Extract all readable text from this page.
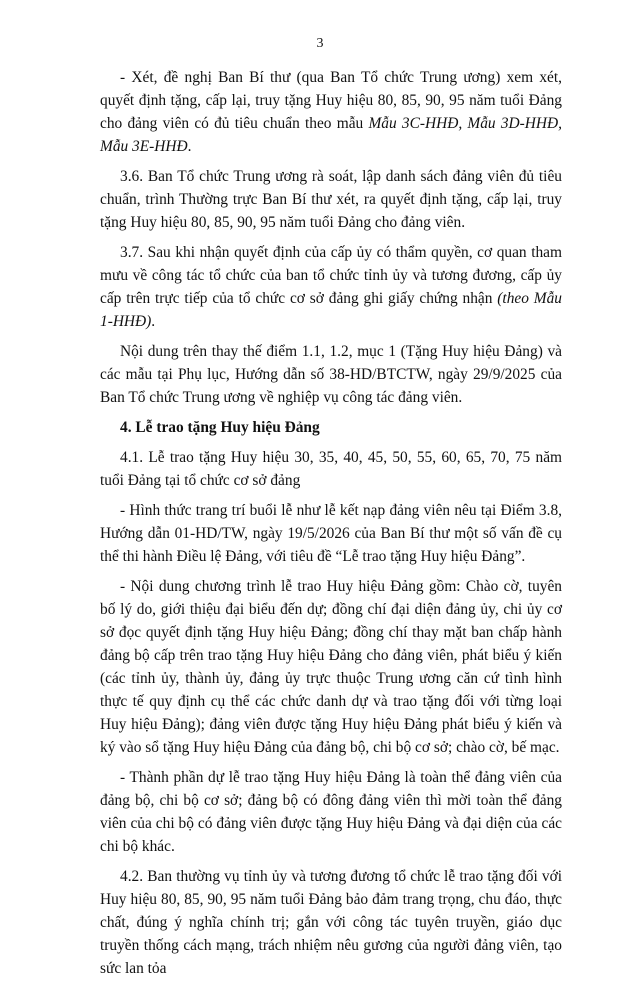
3

- Xét, đề nghị Ban Bí thư (qua Ban Tổ chức Trung ương) xem xét, quyết định tặng, cấp lại, truy tặng Huy hiệu 80, 85, 90, 95 năm tuổi Đảng cho đảng viên có đủ tiêu chuẩn theo mẫu Mẫu 3C-HHĐ, Mẫu 3D-HHĐ, Mẫu 3E-HHĐ.

3.6. Ban Tổ chức Trung ương rà soát, lập danh sách đảng viên đủ tiêu chuẩn, trình Thường trực Ban Bí thư xét, ra quyết định tặng, cấp lại, truy tặng Huy hiệu 80, 85, 90, 95 năm tuổi Đảng cho đảng viên.

3.7. Sau khi nhận quyết định của cấp ủy có thẩm quyền, cơ quan tham mưu về công tác tổ chức của ban tổ chức tỉnh ủy và tương đương, cấp ủy cấp trên trực tiếp của tổ chức cơ sở đảng ghi giấy chứng nhận (theo Mẫu 1-HHĐ).

Nội dung trên thay thế điểm 1.1, 1.2, mục 1 (Tặng Huy hiệu Đảng) và các mẫu tại Phụ lục, Hướng dẫn số 38-HD/BTCTW, ngày 29/9/2025 của Ban Tổ chức Trung ương về nghiệp vụ công tác đảng viên.

4. Lễ trao tặng Huy hiệu Đảng

4.1. Lễ trao tặng Huy hiệu 30, 35, 40, 45, 50, 55, 60, 65, 70, 75 năm tuổi Đảng tại tổ chức cơ sở đảng

- Hình thức trang trí buổi lễ như lễ kết nạp đảng viên nêu tại Điểm 3.8, Hướng dẫn 01-HD/TW, ngày 19/5/2026 của Ban Bí thư một số vấn đề cụ thể thi hành Điều lệ Đảng, với tiêu đề “Lễ trao tặng Huy hiệu Đảng”.

- Nội dung chương trình lễ trao Huy hiệu Đảng gồm: Chào cờ, tuyên bố lý do, giới thiệu đại biểu đến dự; đồng chí đại diện đảng ủy, chi ủy cơ sở đọc quyết định tặng Huy hiệu Đảng; đồng chí thay mặt ban chấp hành đảng bộ cấp trên trao tặng Huy hiệu Đảng cho đảng viên, phát biểu ý kiến (các tỉnh ủy, thành ủy, đảng ủy trực thuộc Trung ương căn cứ tình hình thực tế quy định cụ thể các chức danh dự và trao tặng đối với từng loại Huy hiệu Đảng); đảng viên được tặng Huy hiệu Đảng phát biểu ý kiến và ký vào sổ tặng Huy hiệu Đảng của đảng bộ, chi bộ cơ sở; chào cờ, bế mạc.

- Thành phần dự lễ trao tặng Huy hiệu Đảng là toàn thể đảng viên của đảng bộ, chi bộ cơ sở; đảng bộ có đông đảng viên thì mời toàn thể đảng viên của chi bộ có đảng viên được tặng Huy hiệu Đảng và đại diện của các chi bộ khác.

4.2. Ban thường vụ tỉnh ủy và tương đương tổ chức lễ trao tặng đối với Huy hiệu 80, 85, 90, 95 năm tuổi Đảng bảo đảm trang trọng, chu đáo, thực chất, đúng ý nghĩa chính trị; gắn với công tác tuyên truyền, giáo dục truyền thống cách mạng, trách nhiệm nêu gương của người đảng viên, tạo sức lan tỏa
